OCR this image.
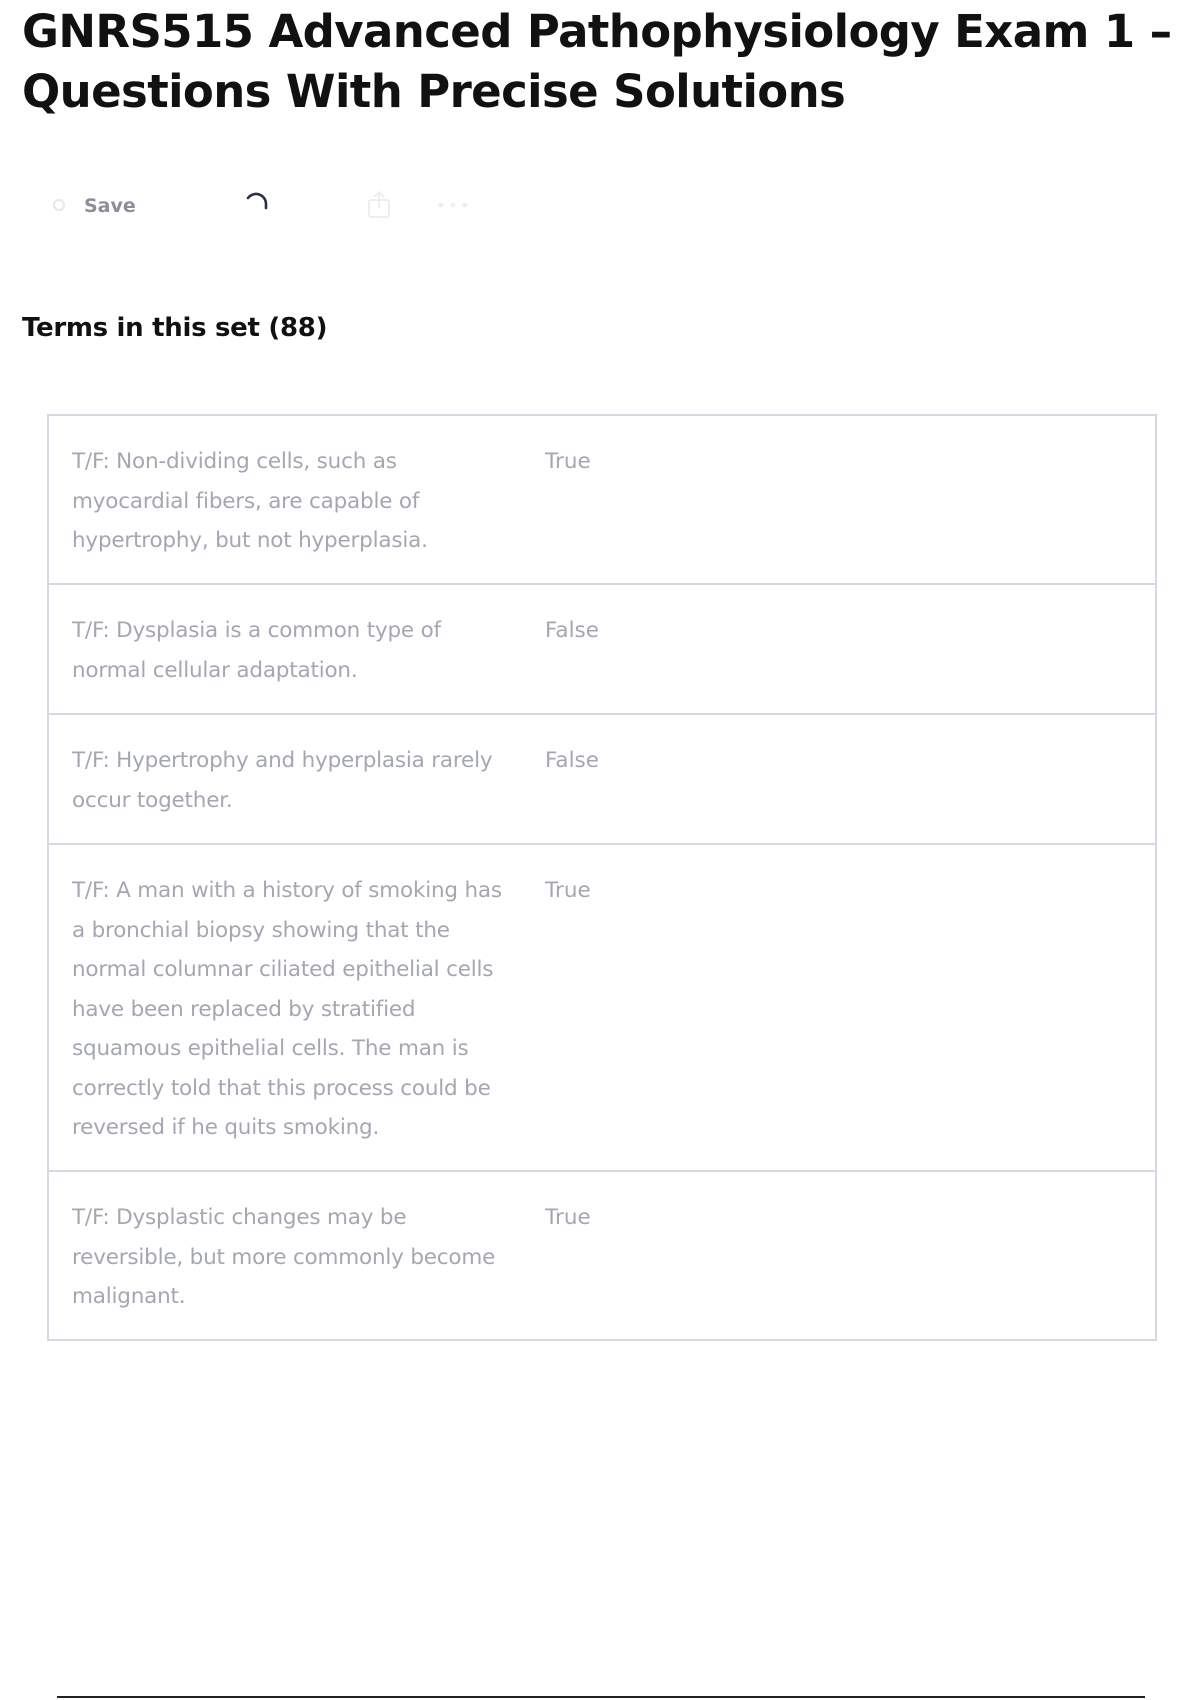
GNRS515 Advanced Pathophysiology Exam 1 – Questions With Precise Solutions
Save
Terms in this set (88)
T/F: Non-dividing cells, such as myocardial fibers, are capable of hypertrophy, but not hyperplasia.
True
T/F: Dysplasia is a common type of normal cellular adaptation.
False
T/F: Hypertrophy and hyperplasia rarely occur together.
False
T/F: A man with a history of smoking has a bronchial biopsy showing that the normal columnar ciliated epithelial cells have been replaced by stratified squamous epithelial cells. The man is correctly told that this process could be reversed if he quits smoking.
True
T/F: Dysplastic changes may be reversible, but more commonly become malignant.
True
